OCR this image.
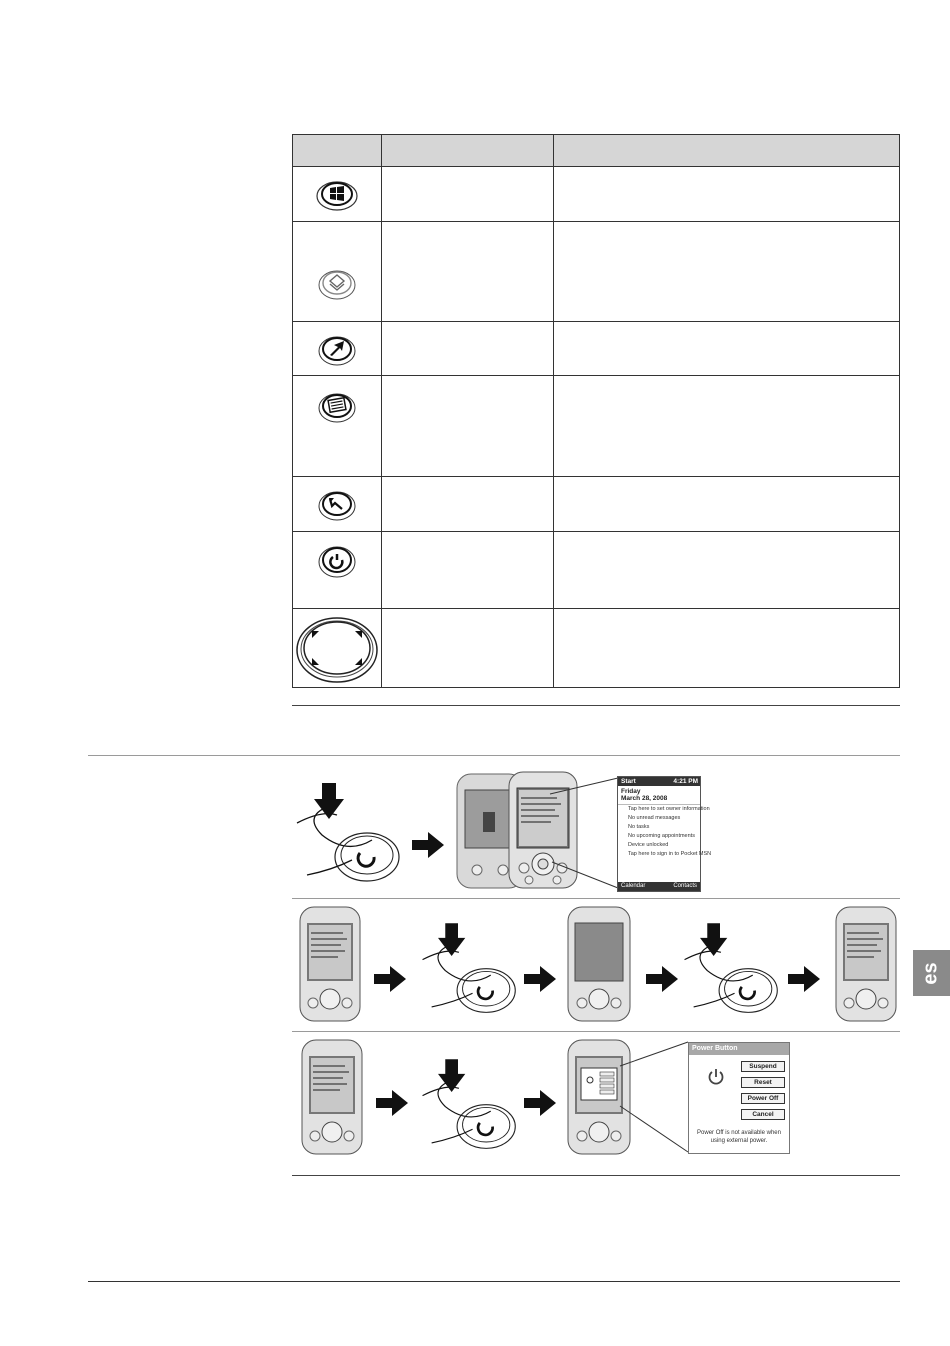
Start	4:21 PM
Friday
March 28, 2008
Tap here to set owner information
No unread messages
No tasks
No upcoming appointments
Device unlocked
Tap here to sign in to Pocket MSN
Calendar	Contacts
es
Power Button
Suspend
Reset
Power Off
Cancel
Power Off is not available when using external power.
